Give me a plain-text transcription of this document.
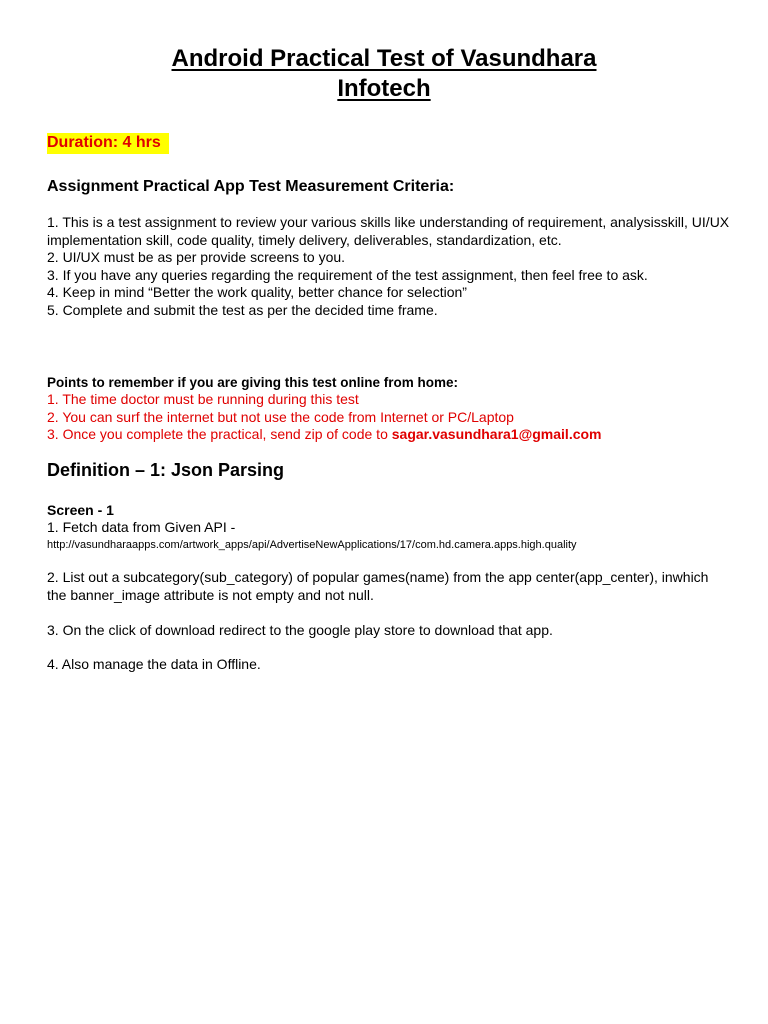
Android Practical Test of Vasundhara
Infotech
Duration: 4 hrs
Assignment Practical App Test Measurement Criteria:
1. This is a test assignment to review your various skills like understanding of requirement, analysisskill, UI/UX implementation skill, code quality, timely delivery, deliverables, standardization, etc.
2. UI/UX must be as per provide screens to you.
3. If you have any queries regarding the requirement of the test assignment, then feel free to ask.
4. Keep in mind “Better the work quality, better chance for selection”
5. Complete and submit the test as per the decided time frame.
Points to remember if you are giving this test online from home:
1. The time doctor must be running during this test
2. You can surf the internet but not use the code from Internet or PC/Laptop
3. Once you complete the practical, send zip of code to sagar.vasundhara1@gmail.com
Definition – 1: Json Parsing
Screen - 1
1. Fetch data from Given API -
http://vasundharaapps.com/artwork_apps/api/AdvertiseNewApplications/17/com.hd.camera.apps.high.quality
2. List out a subcategory(sub_category) of popular games(name) from the app center(app_center), inwhich the banner_image attribute is not empty and not null.
3. On the click of download redirect to the google play store to download that app.
4. Also manage the data in Offline.
